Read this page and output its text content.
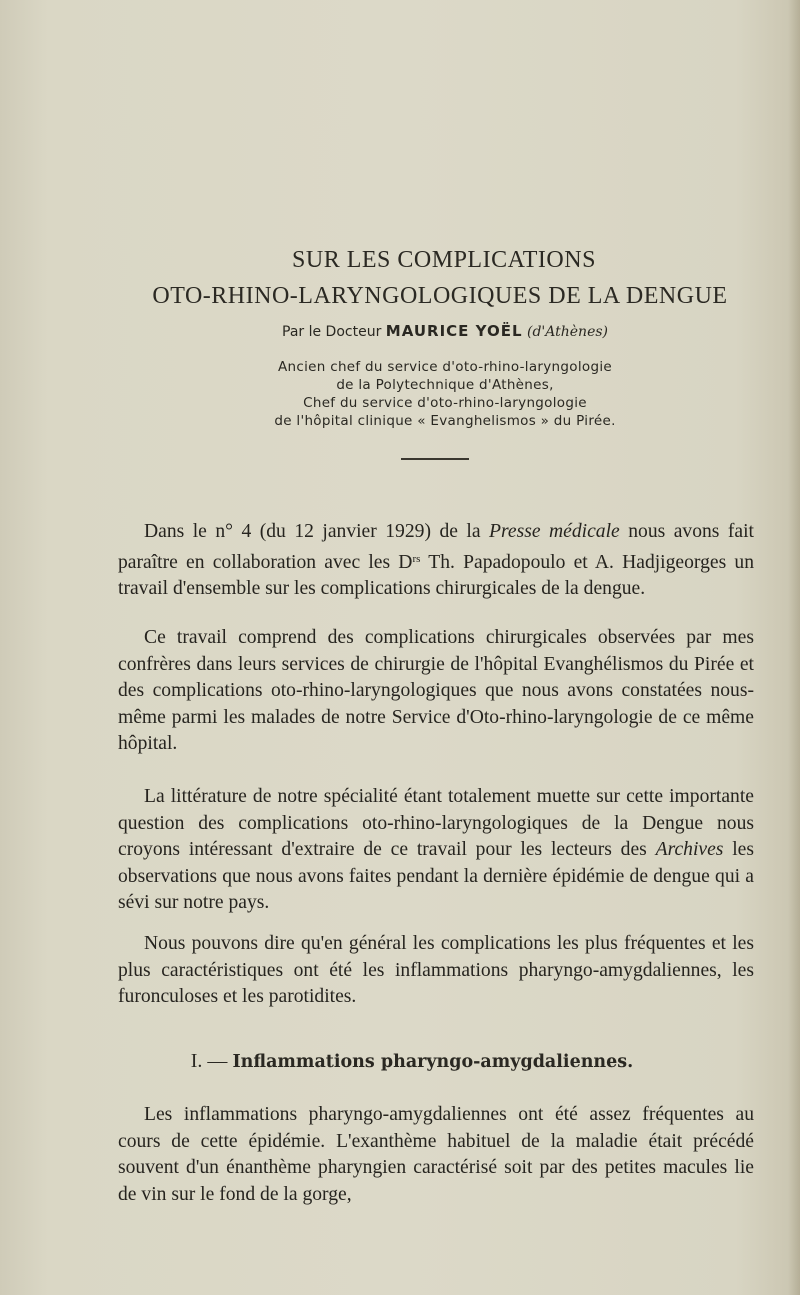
SUR LES COMPLICATIONS
OTO-RHINO-LARYNGOLOGIQUES DE LA DENGUE
Par le Docteur MAURICE YOËL (d'Athènes)
Ancien chef du service d'oto-rhino-laryngologie
de la Polytechnique d'Athènes,
Chef du service d'oto-rhino-laryngologie
de l'hôpital clinique « Evanghelismos » du Pirée.

Dans le n° 4 (du 12 janvier 1929) de la Presse médicale nous avons fait paraître en collaboration avec les $D^{rs}$ Th. Papadopoulo et A. Hadjigeorges un travail d'ensemble sur les complications chirurgicales de la dengue.

Ce travail comprend des complications chirurgicales observées par mes confrères dans leurs services de chirurgie de l'hôpital Evanghélismos du Pirée et des complications oto-rhino-laryngologiques que nous avons constatées nous-même parmi les malades de notre Service d'Oto-rhino-laryngologie de ce même hôpital.

La littérature de notre spécialité étant totalement muette sur cette importante question des complications oto-rhino-laryngologiques de la Dengue nous croyons intéressant d'extraire de ce travail pour les lecteurs des Archives les observations que nous avons faites pendant la dernière épidémie de dengue qui a sévi sur notre pays.

Nous pouvons dire qu'en général les complications les plus fréquentes et les plus caractéristiques ont été les inflammations pharyngo-amygdaliennes, les furonculoses et les parotidites.

I. — Inflammations pharyngo-amygdaliennes.

Les inflammations pharyngo-amygdaliennes ont été assez fréquentes au cours de cette épidémie. L'exanthème habituel de la maladie était précédé souvent d'un énanthème pharyngien caractérisé soit par des petites macules lie de vin sur le fond de la gorge,
